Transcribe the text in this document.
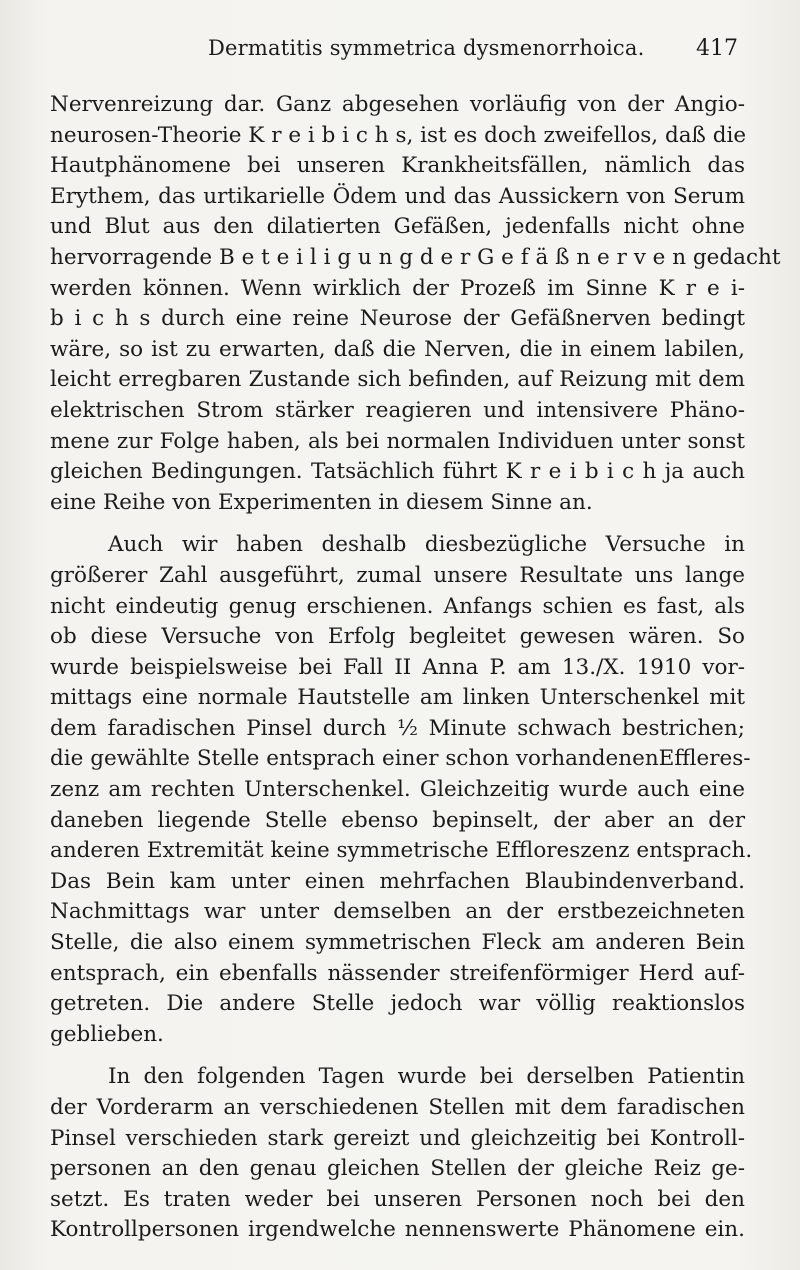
Dermatitis symmetrica dysmenorrhoica. 417
Nervenreizung dar. Ganz abgesehen vorläufig von der Angio-
neurosen-Theorie K r e i b i c h s, ist es doch zweifellos, daß die
Hautphänomene bei unseren Krankheitsfällen, nämlich das
Erythem, das urtikarielle Ödem und das Aussickern von Serum
und Blut aus den dilatierten Gefäßen, jedenfalls nicht ohne
hervorragende B e t e i l i g u n g d e r G e f ä ß n e r v e n gedacht
werden können. Wenn wirklich der Prozeß im Sinne K r e i-
b i c h s durch eine reine Neurose der Gefäßnerven bedingt
wäre, so ist zu erwarten, daß die Nerven, die in einem labilen,
leicht erregbaren Zustande sich befinden, auf Reizung mit dem
elektrischen Strom stärker reagieren und intensivere Phäno-
mene zur Folge haben, als bei normalen Individuen unter sonst
gleichen Bedingungen. Tatsächlich führt K r e i b i c h ja auch
eine Reihe von Experimenten in diesem Sinne an.
Auch wir haben deshalb diesbezügliche Versuche in
größerer Zahl ausgeführt, zumal unsere Resultate uns lange
nicht eindeutig genug erschienen. Anfangs schien es fast, als
ob diese Versuche von Erfolg begleitet gewesen wären. So
wurde beispielsweise bei Fall II Anna P. am 13./X. 1910 vor-
mittags eine normale Hautstelle am linken Unterschenkel mit
dem faradischen Pinsel durch ½ Minute schwach bestrichen;
die gewählte Stelle entsprach einer schon vorhandenenEffleres-
zenz am rechten Unterschenkel. Gleichzeitig wurde auch eine
daneben liegende Stelle ebenso bepinselt, der aber an der
anderen Extremität keine symmetrische Effloreszenz entsprach.
Das Bein kam unter einen mehrfachen Blaubindenverband.
Nachmittags war unter demselben an der erstbezeichneten
Stelle, die also einem symmetrischen Fleck am anderen Bein
entsprach, ein ebenfalls nässender streifenförmiger Herd auf-
getreten. Die andere Stelle jedoch war völlig reaktionslos
geblieben.
In den folgenden Tagen wurde bei derselben Patientin
der Vorderarm an verschiedenen Stellen mit dem faradischen
Pinsel verschieden stark gereizt und gleichzeitig bei Kontroll-
personen an den genau gleichen Stellen der gleiche Reiz ge-
setzt. Es traten weder bei unseren Personen noch bei den
Kontrollpersonen irgendwelche nennenswerte Phänomene ein.
